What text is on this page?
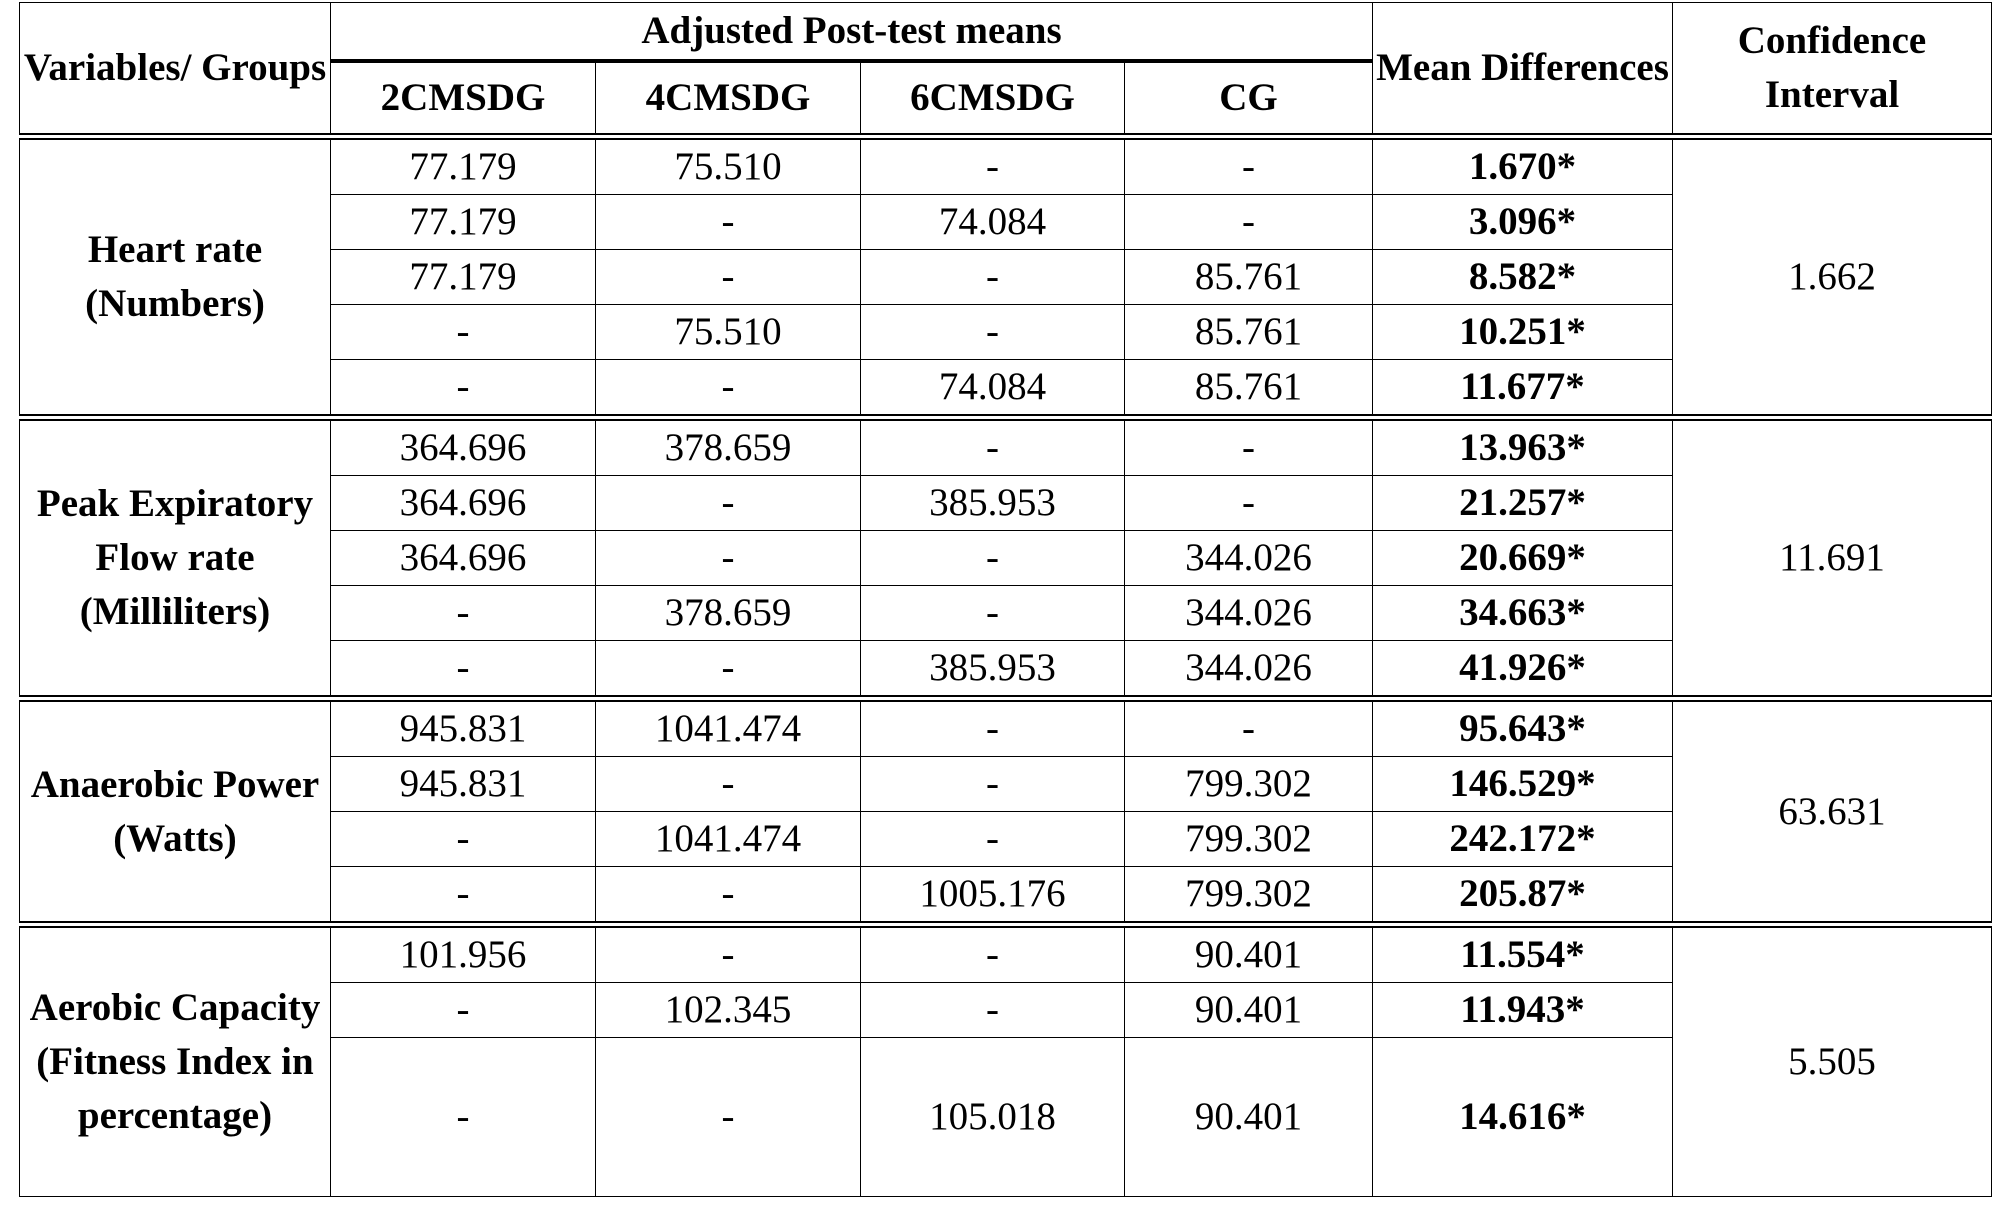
Variables/ Groups	Adjusted Post-test means				Mean Differences	Confidence Interval
	2CMSDG	4CMSDG	6CMSDG	CG		
Heart rate (Numbers)	77.179	75.510	-	-	1.670*	1.662
	77.179	-	74.084	-	3.096*	
	77.179	-	-	85.761	8.582*	
	-	75.510	-	85.761	10.251*	
	-	-	74.084	85.761	11.677*	
Peak Expiratory Flow rate (Milliliters)	364.696	378.659	-	-	13.963*	11.691
	364.696	-	385.953	-	21.257*	
	364.696	-	-	344.026	20.669*	
	-	378.659	-	344.026	34.663*	
	-	-	385.953	344.026	41.926*	
Anaerobic Power (Watts)	945.831	1041.474	-	-	95.643*	63.631
	945.831	-	-	799.302	146.529*	
	-	1041.474	-	799.302	242.172*	
	-	-	1005.176	799.302	205.87*	
Aerobic Capacity (Fitness Index in percentage)	101.956	-	-	90.401	11.554*	5.505
	-	102.345	-	90.401	11.943*	
	-	-	105.018	90.401	14.616*	
